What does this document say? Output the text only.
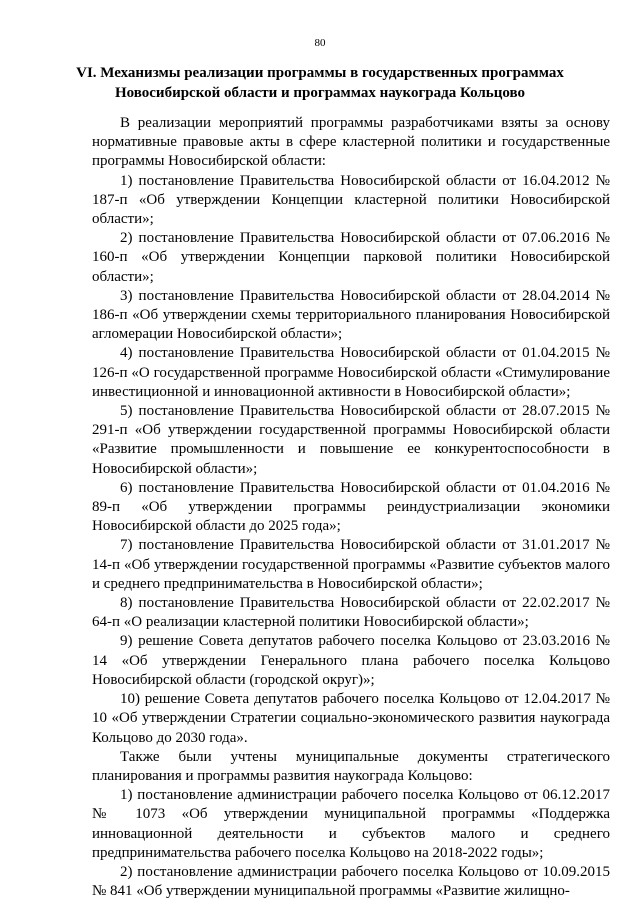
80
VI. Механизмы реализации программы в государственных программах
Новосибирской области и программах наукограда Кольцово

В реализации мероприятий программы разработчиками взяты за основу нормативные правовые акты в сфере кластерной политики и государственные программы Новосибирской области:

1) постановление Правительства Новосибирской области от 16.04.2012 № 187-п «Об утверждении Концепции кластерной политики Новосибирской области»;

2) постановление Правительства Новосибирской области от 07.06.2016 № 160-п «Об утверждении Концепции парковой политики Новосибирской области»;

3) постановление Правительства Новосибирской области от 28.04.2014 № 186-п «Об утверждении схемы территориального планирования Новосибирской агломерации Новосибирской области»;

4) постановление Правительства Новосибирской области от 01.04.2015 № 126-п «О государственной программе Новосибирской области «Стимулирование инвестиционной и инновационной активности в Новосибирской области»;

5) постановление Правительства Новосибирской области от 28.07.2015 № 291-п «Об утверждении государственной программы Новосибирской области «Развитие промышленности и повышение ее конкурентоспособности в Новосибирской области»;

6) постановление Правительства Новосибирской области от 01.04.2016 № 89-п «Об утверждении программы реиндустриализации экономики Новосибирской области до 2025 года»;

7) постановление Правительства Новосибирской области от 31.01.2017 № 14-п «Об утверждении государственной программы «Развитие субъектов малого и среднего предпринимательства в Новосибирской области»;

8) постановление Правительства Новосибирской области от 22.02.2017 № 64-п «О реализации кластерной политики Новосибирской области»;

9) решение Совета депутатов рабочего поселка Кольцово от 23.03.2016 № 14 «Об утверждении Генерального плана рабочего поселка Кольцово Новосибирской области (городской округ)»;

10) решение Совета депутатов рабочего поселка Кольцово от 12.04.2017 № 10 «Об утверждении Стратегии социально-экономического развития наукограда Кольцово до 2030 года».

Также были учтены муниципальные документы стратегического планирования и программы развития наукограда Кольцово:

1) постановление администрации рабочего поселка Кольцово от 06.12.2017 № 1073 «Об утверждении муниципальной программы «Поддержка инновационной деятельности и субъектов малого и среднего предпринимательства рабочего поселка Кольцово на 2018-2022 годы»;

2) постановление администрации рабочего поселка Кольцово от 10.09.2015 № 841 «Об утверждении муниципальной программы «Развитие жилищно-
